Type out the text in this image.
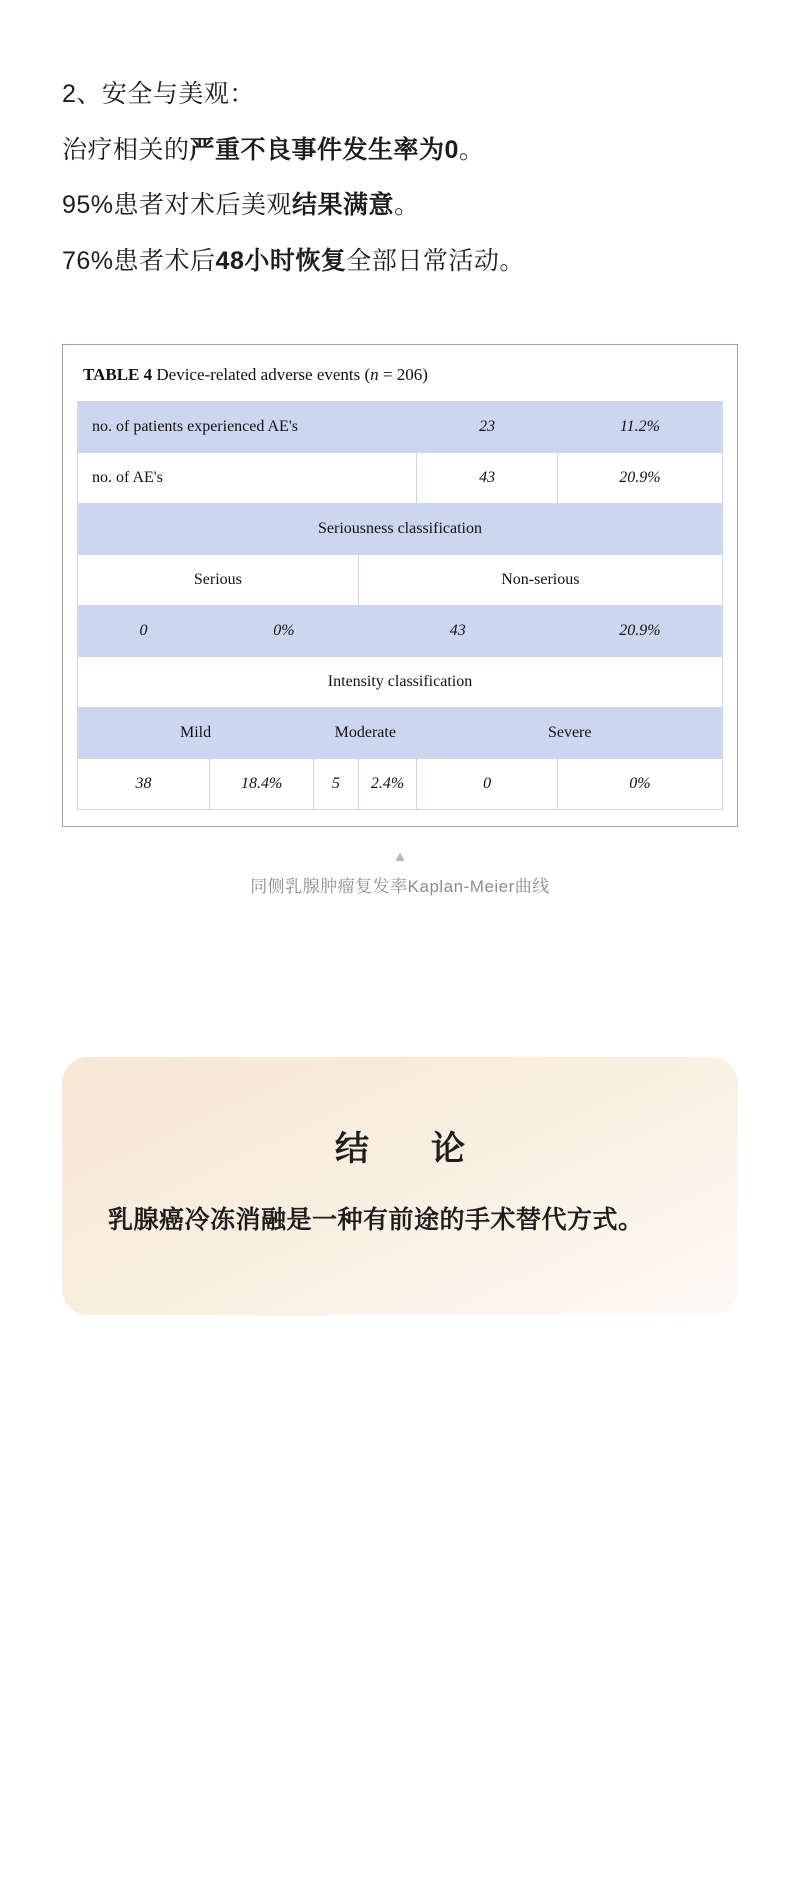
2、安全与美观：

治疗相关的严重不良事件发生率为0。

95%患者对术后美观结果满意。

76%患者术后48小时恢复全部日常活动。

TABLE 4 Device-related adverse events (n = 206)
no. of patients experienced AE's				23	11.2%
no. of AE's				43	20.9%
Seriousness classification					
Serious			Non-serious		
0	0%		43		20.9%
Intensity classification					
Mild		Moderate		Severe	
38	18.4%	5	2.4%	0	0%
▲
同侧乳腺肿瘤复发率Kaplan-Meier曲线
结　论

乳腺癌冷冻消融是一种有前途的手术替代方式。
